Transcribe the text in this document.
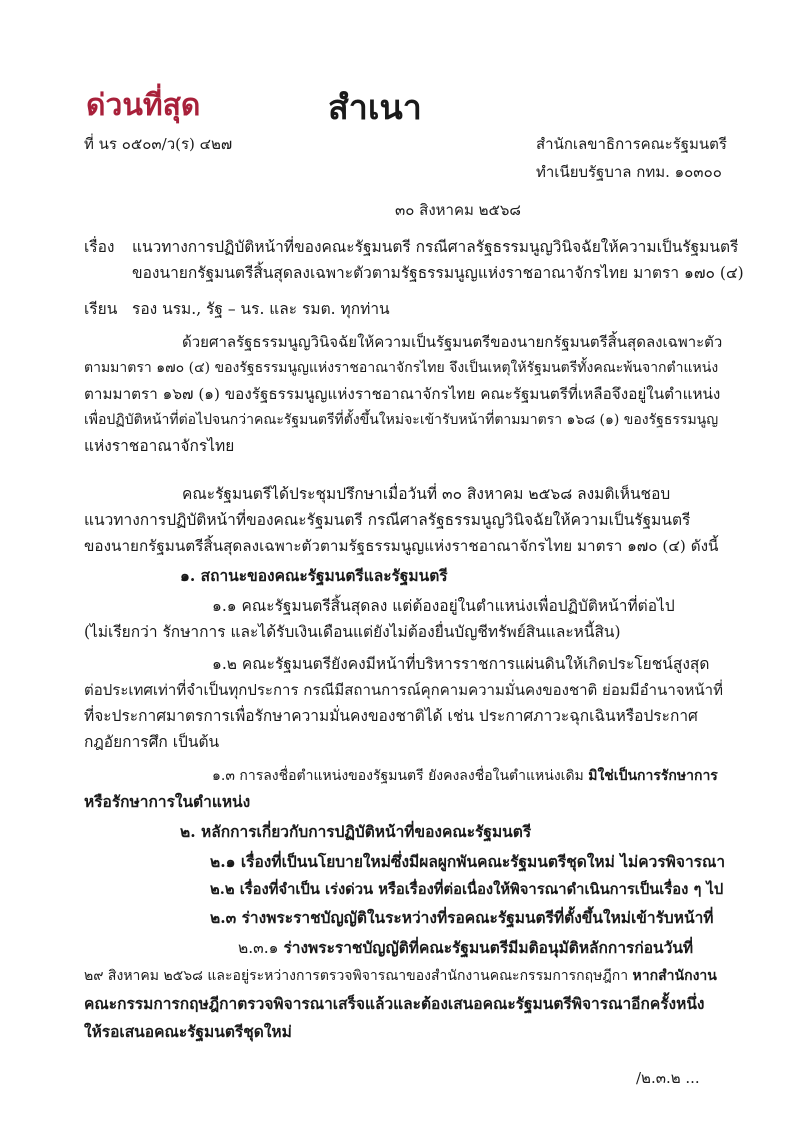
ด่วนที่สุด	สำเนา
ที่ นร ๐๕๐๓/ว(ร) ๔๒๗	สำนักเลขาธิการคณะรัฐมนตรี
ทำเนียบรัฐบาล กทม. ๑๐๓๐๐
๓๐ สิงหาคม ๒๕๖๘
เรื่อง แนวทางการปฏิบัติหน้าที่ของคณะรัฐมนตรี กรณีศาลรัฐธรรมนูญวินิจฉัยให้ความเป็นรัฐมนตรี
ของนายกรัฐมนตรีสิ้นสุดลงเฉพาะตัวตามรัฐธรรมนูญแห่งราชอาณาจักรไทย มาตรา ๑๗๐ (๔)
เรียน รอง นรม., รัฐ – นร. และ รมต. ทุกท่าน
ด้วยศาลรัฐธรรมนูญวินิจฉัยให้ความเป็นรัฐมนตรีของนายกรัฐมนตรีสิ้นสุดลงเฉพาะตัว
ตามมาตรา ๑๗๐ (๔) ของรัฐธรรมนูญแห่งราชอาณาจักรไทย จึงเป็นเหตุให้รัฐมนตรีทั้งคณะพ้นจากตำแหน่ง
ตามมาตรา ๑๖๗ (๑) ของรัฐธรรมนูญแห่งราชอาณาจักรไทย คณะรัฐมนตรีที่เหลือจึงอยู่ในตำแหน่ง
เพื่อปฏิบัติหน้าที่ต่อไปจนกว่าคณะรัฐมนตรีที่ตั้งขึ้นใหม่จะเข้ารับหน้าที่ตามมาตรา ๑๖๘ (๑) ของรัฐธรรมนูญ
แห่งราชอาณาจักรไทย
คณะรัฐมนตรีได้ประชุมปรึกษาเมื่อวันที่ ๓๐ สิงหาคม ๒๕๖๘ ลงมติเห็นชอบ
แนวทางการปฏิบัติหน้าที่ของคณะรัฐมนตรี กรณีศาลรัฐธรรมนูญวินิจฉัยให้ความเป็นรัฐมนตรี
ของนายกรัฐมนตรีสิ้นสุดลงเฉพาะตัวตามรัฐธรรมนูญแห่งราชอาณาจักรไทย มาตรา ๑๗๐ (๔) ดังนี้
๑. สถานะของคณะรัฐมนตรีและรัฐมนตรี
๑.๑ คณะรัฐมนตรีสิ้นสุดลง แต่ต้องอยู่ในตำแหน่งเพื่อปฏิบัติหน้าที่ต่อไป
(ไม่เรียกว่า รักษาการ และได้รับเงินเดือนแต่ยังไม่ต้องยื่นบัญชีทรัพย์สินและหนี้สิน)
๑.๒ คณะรัฐมนตรียังคงมีหน้าที่บริหารราชการแผ่นดินให้เกิดประโยชน์สูงสุด
ต่อประเทศเท่าที่จำเป็นทุกประการ กรณีมีสถานการณ์คุกคามความมั่นคงของชาติ ย่อมมีอำนาจหน้าที่
ที่จะประกาศมาตรการเพื่อรักษาความมั่นคงของชาติได้ เช่น ประกาศภาวะฉุกเฉินหรือประกาศ
กฎอัยการศึก เป็นต้น
๑.๓ การลงชื่อตำแหน่งของรัฐมนตรี ยังคงลงชื่อในตำแหน่งเดิม มิใช่เป็นการรักษาการ
หรือรักษาการในตำแหน่ง
๒. หลักการเกี่ยวกับการปฏิบัติหน้าที่ของคณะรัฐมนตรี
๒.๑ เรื่องที่เป็นนโยบายใหม่ซึ่งมีผลผูกพันคณะรัฐมนตรีชุดใหม่ ไม่ควรพิจารณา
๒.๒ เรื่องที่จำเป็น เร่งด่วน หรือเรื่องที่ต่อเนื่องให้พิจารณาดำเนินการเป็นเรื่อง ๆ ไป
๒.๓ ร่างพระราชบัญญัติในระหว่างที่รอคณะรัฐมนตรีที่ตั้งขึ้นใหม่เข้ารับหน้าที่
๒.๓.๑ ร่างพระราชบัญญัติที่คณะรัฐมนตรีมีมติอนุมัติหลักการก่อนวันที่
๒๙ สิงหาคม ๒๕๖๘ และอยู่ระหว่างการตรวจพิจารณาของสำนักงานคณะกรรมการกฤษฎีกา หากสำนักงาน
คณะกรรมการกฤษฎีกาตรวจพิจารณาเสร็จแล้วและต้องเสนอคณะรัฐมนตรีพิจารณาอีกครั้งหนึ่ง
ให้รอเสนอคณะรัฐมนตรีชุดใหม่
/๒.๓.๒ ...
